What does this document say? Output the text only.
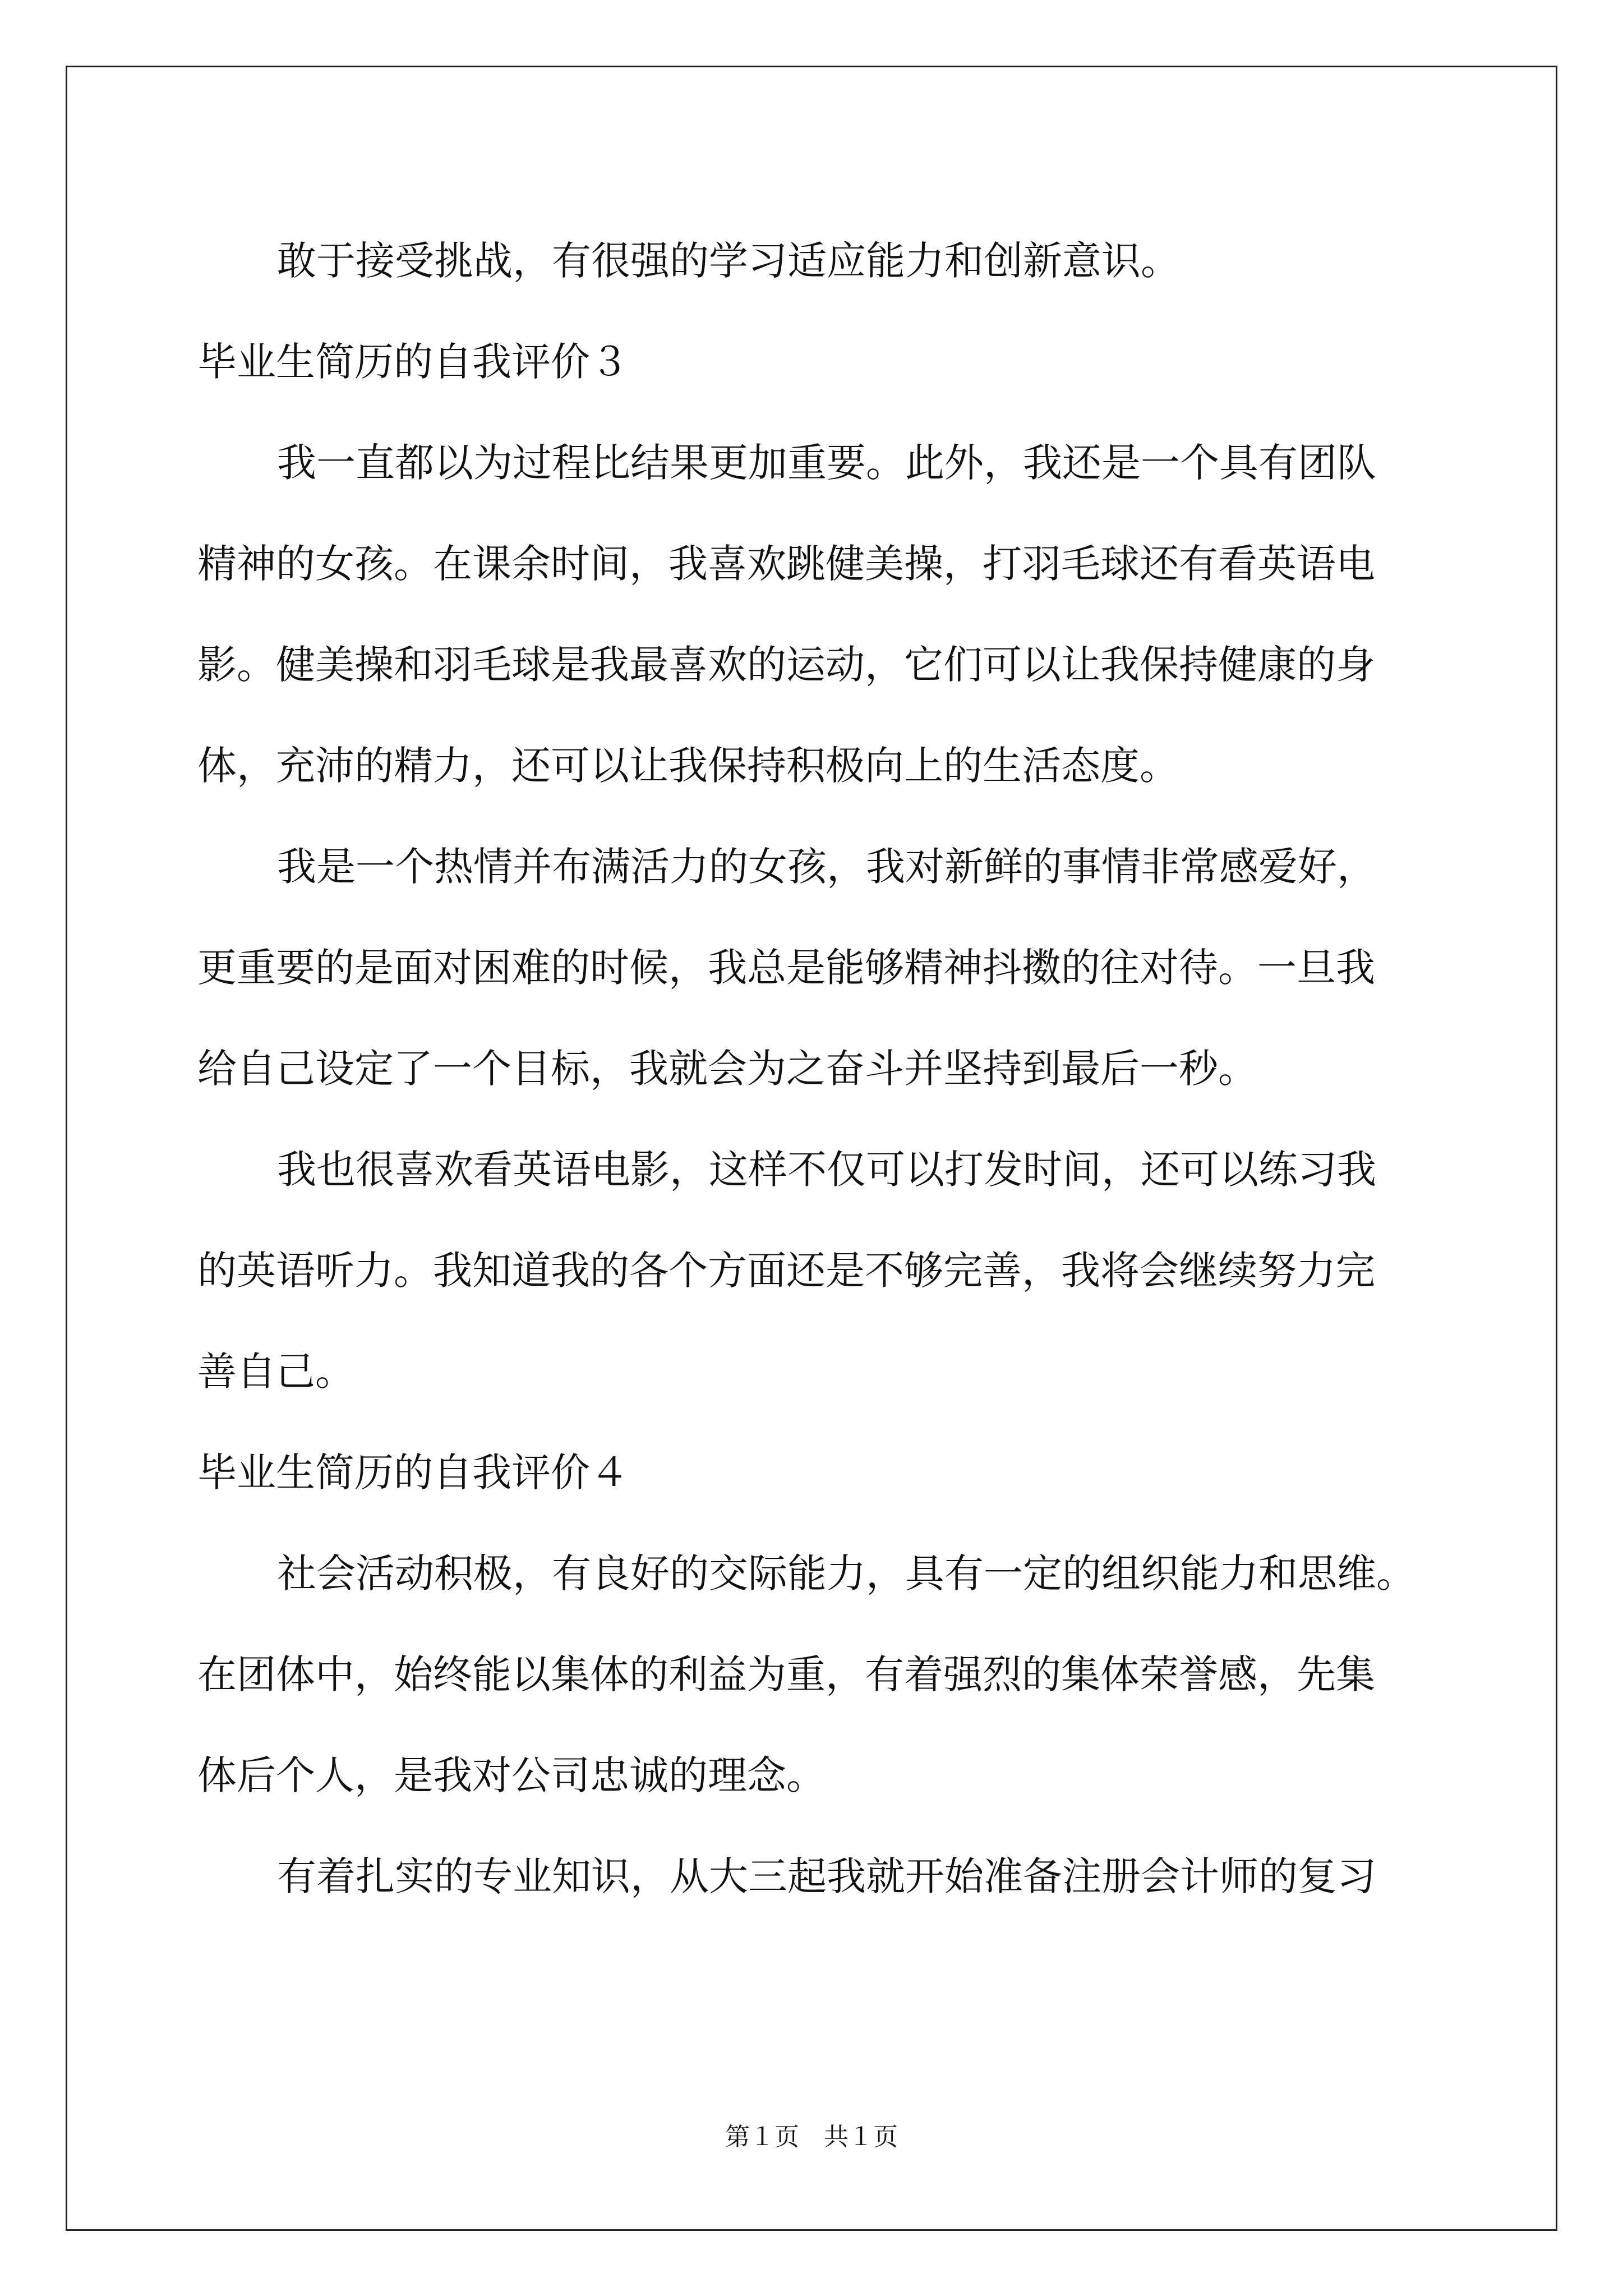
敢于接受挑战，有很强的学习适应能力和创新意识。
毕业生简历的自我评价３
我一直都以为过程比结果更加重要。此外，我还是一个具有团队
精神的女孩。在课余时间，我喜欢跳健美操，打羽毛球还有看英语电
影。健美操和羽毛球是我最喜欢的运动，它们可以让我保持健康的身
体，充沛的精力，还可以让我保持积极向上的生活态度。
我是一个热情并布满活力的女孩，我对新鲜的事情非常感爱好，
更重要的是面对困难的时候，我总是能够精神抖擞的往对待。一旦我
给自己设定了一个目标，我就会为之奋斗并坚持到最后一秒。
我也很喜欢看英语电影，这样不仅可以打发时间，还可以练习我
的英语听力。我知道我的各个方面还是不够完善，我将会继续努力完
善自己。
毕业生简历的自我评价４
社会活动积极，有良好的交际能力，具有一定的组织能力和思维。
在团体中，始终能以集体的利益为重，有着强烈的集体荣誉感，先集
体后个人，是我对公司忠诚的理念。
有着扎实的专业知识，从大三起我就开始准备注册会计师的复习
第１页 共１页
